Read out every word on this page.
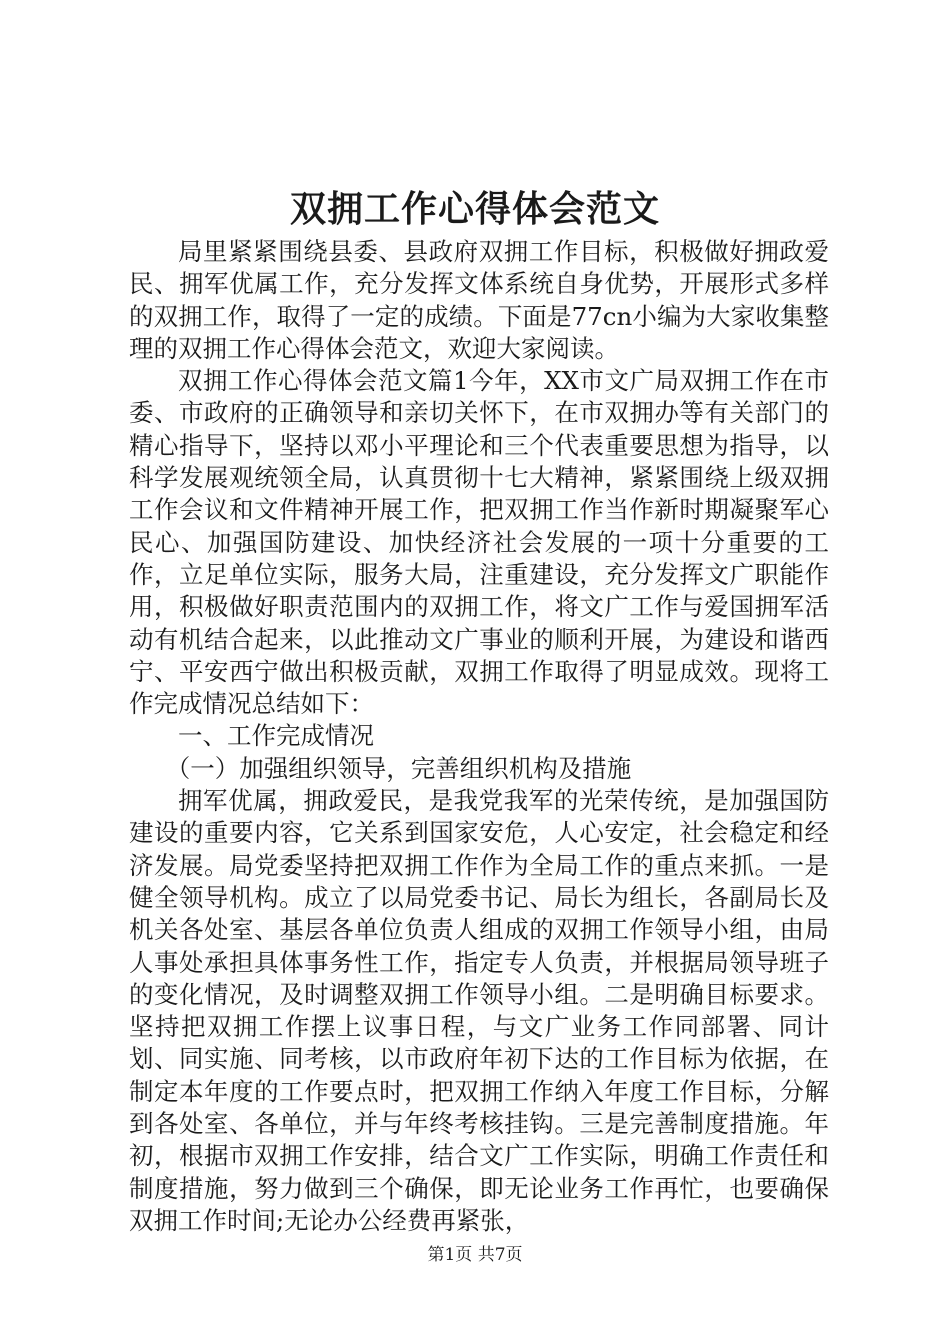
双拥工作心得体会范文

局里紧紧围绕县委、县政府双拥工作目标，积极做好拥政爱民、拥军优属工作，充分发挥文体系统自身优势，开展形式多样的双拥工作，取得了一定的成绩。下面是77cn小编为大家收集整理的双拥工作心得体会范文，欢迎大家阅读。

双拥工作心得体会范文篇1今年，XX市文广局双拥工作在市委、市政府的正确领导和亲切关怀下，在市双拥办等有关部门的精心指导下，坚持以邓小平理论和三个代表重要思想为指导，以科学发展观统领全局，认真贯彻十七大精神，紧紧围绕上级双拥工作会议和文件精神开展工作，把双拥工作当作新时期凝聚军心民心、加强国防建设、加快经济社会发展的一项十分重要的工作，立足单位实际，服务大局，注重建设，充分发挥文广职能作用，积极做好职责范围内的双拥工作，将文广工作与爱国拥军活动有机结合起来，以此推动文广事业的顺利开展，为建设和谐西宁、平安西宁做出积极贡献，双拥工作取得了明显成效。现将工作完成情况总结如下：

一、工作完成情况

（一）加强组织领导，完善组织机构及措施

拥军优属，拥政爱民，是我党我军的光荣传统，是加强国防建设的重要内容，它关系到国家安危，人心安定，社会稳定和经济发展。局党委坚持把双拥工作作为全局工作的重点来抓。一是健全领导机构。成立了以局党委书记、局长为组长，各副局长及机关各处室、基层各单位负责人组成的双拥工作领导小组，由局人事处承担具体事务性工作，指定专人负责，并根据局领导班子的变化情况，及时调整双拥工作领导小组。二是明确目标要求。坚持把双拥工作摆上议事日程，与文广业务工作同部署、同计划、同实施、同考核，以市政府年初下达的工作目标为依据，在制定本年度的工作要点时，把双拥工作纳入年度工作目标，分解到各处室、各单位，并与年终考核挂钩。三是完善制度措施。年初，根据市双拥工作安排，结合文广工作实际，明确工作责任和制度措施，努力做到三个确保，即无论业务工作再忙，也要确保双拥工作时间;无论办公经费再紧张，

第1页 共7页
